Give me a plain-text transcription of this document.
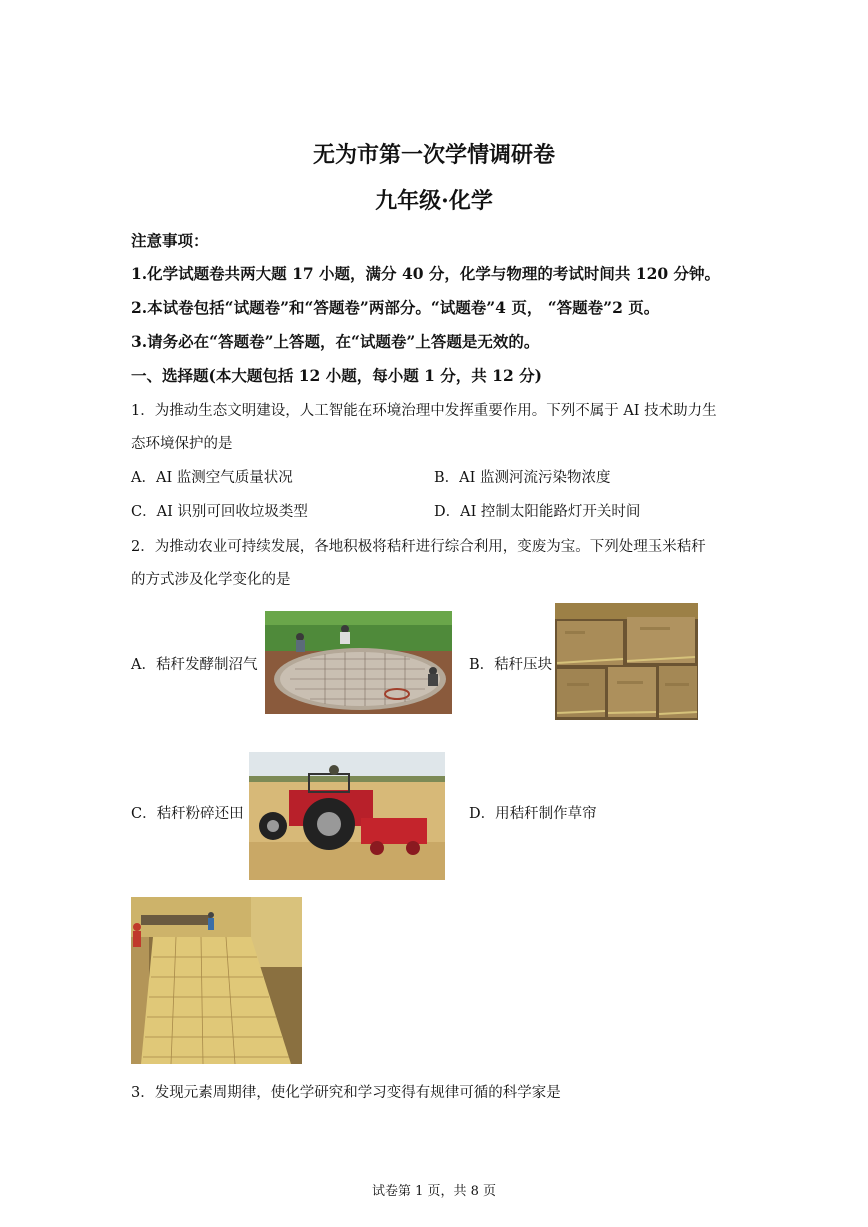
无为市第一次学情调研卷
九年级·化学
注意事项：
1.化学试题卷共两大题 17 小题，满分 40 分，化学与物理的考试时间共 120 分钟。
2.本试卷包括“试题卷”和“答题卷”两部分。“试题卷”4 页， “答题卷”2 页。
3.请务必在“答题卷”上答题，在“试题卷”上答题是无效的。
一、选择题(本大题包括 12 小题，每小题 1 分，共 12 分)
1．为推动生态文明建设，人工智能在环境治理中发挥重要作用。下列不属于 AI 技术助力生
态环境保护的是
A．AI 监测空气质量状况	B．AI 监测河流污染物浓度
C．AI 识别可回收垃圾类型	D．AI 控制太阳能路灯开关时间
2．为推动农业可持续发展，各地积极将秸秆进行综合利用，变废为宝。下列处理玉米秸秆
的方式涉及化学变化的是
A．秸秆发酵制沼气	B．秸秆压块
C．秸秆粉碎还田	D．用秸秆制作草帘
3．发现元素周期律，使化学研究和学习变得有规律可循的科学家是
试卷第 1 页，共 8 页
